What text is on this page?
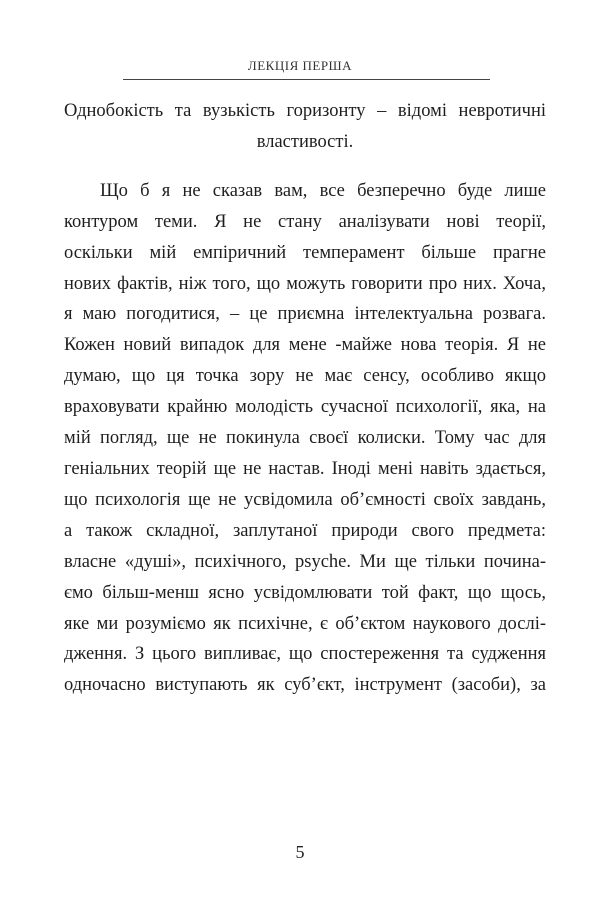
ЛЕКЦІЯ ПЕРША
Однобокість та вузькість горизонту – відомі невротичні
властивості.
Що б я не сказав вам, все безперечно буде лише
контуром теми. Я не стану аналізувати нові теорії,
оскільки мій емпіричний темперамент більше прагне
нових фактів, ніж того, що можуть говорити про них. Хоча,
я маю погодитися, – це приємна інтелектуальна розвага.
Кожен новий випадок для мене -майже нова теорія. Я не
думаю, що ця точка зору не має сенсу, особливо якщо
враховувати крайню молодість сучасної психології, яка, на
мій погляд, ще не покинула своєї колиски. Тому час для
геніальних теорій ще не настав. Іноді мені навіть здається,
що психологія ще не усвідомила об’ємності своїх завдань,
а також складної, заплутаної природи свого предмета:
власне «душі», психічного, psyche. Ми ще тільки почина-
ємо більш-менш ясно усвідомлювати той факт, що щось,
яке ми розуміємо як психічне, є об’єктом наукового дослі-
дження. З цього випливає, що спостереження та судження
одночасно виступають як суб’єкт, інструмент (засоби), за
5
